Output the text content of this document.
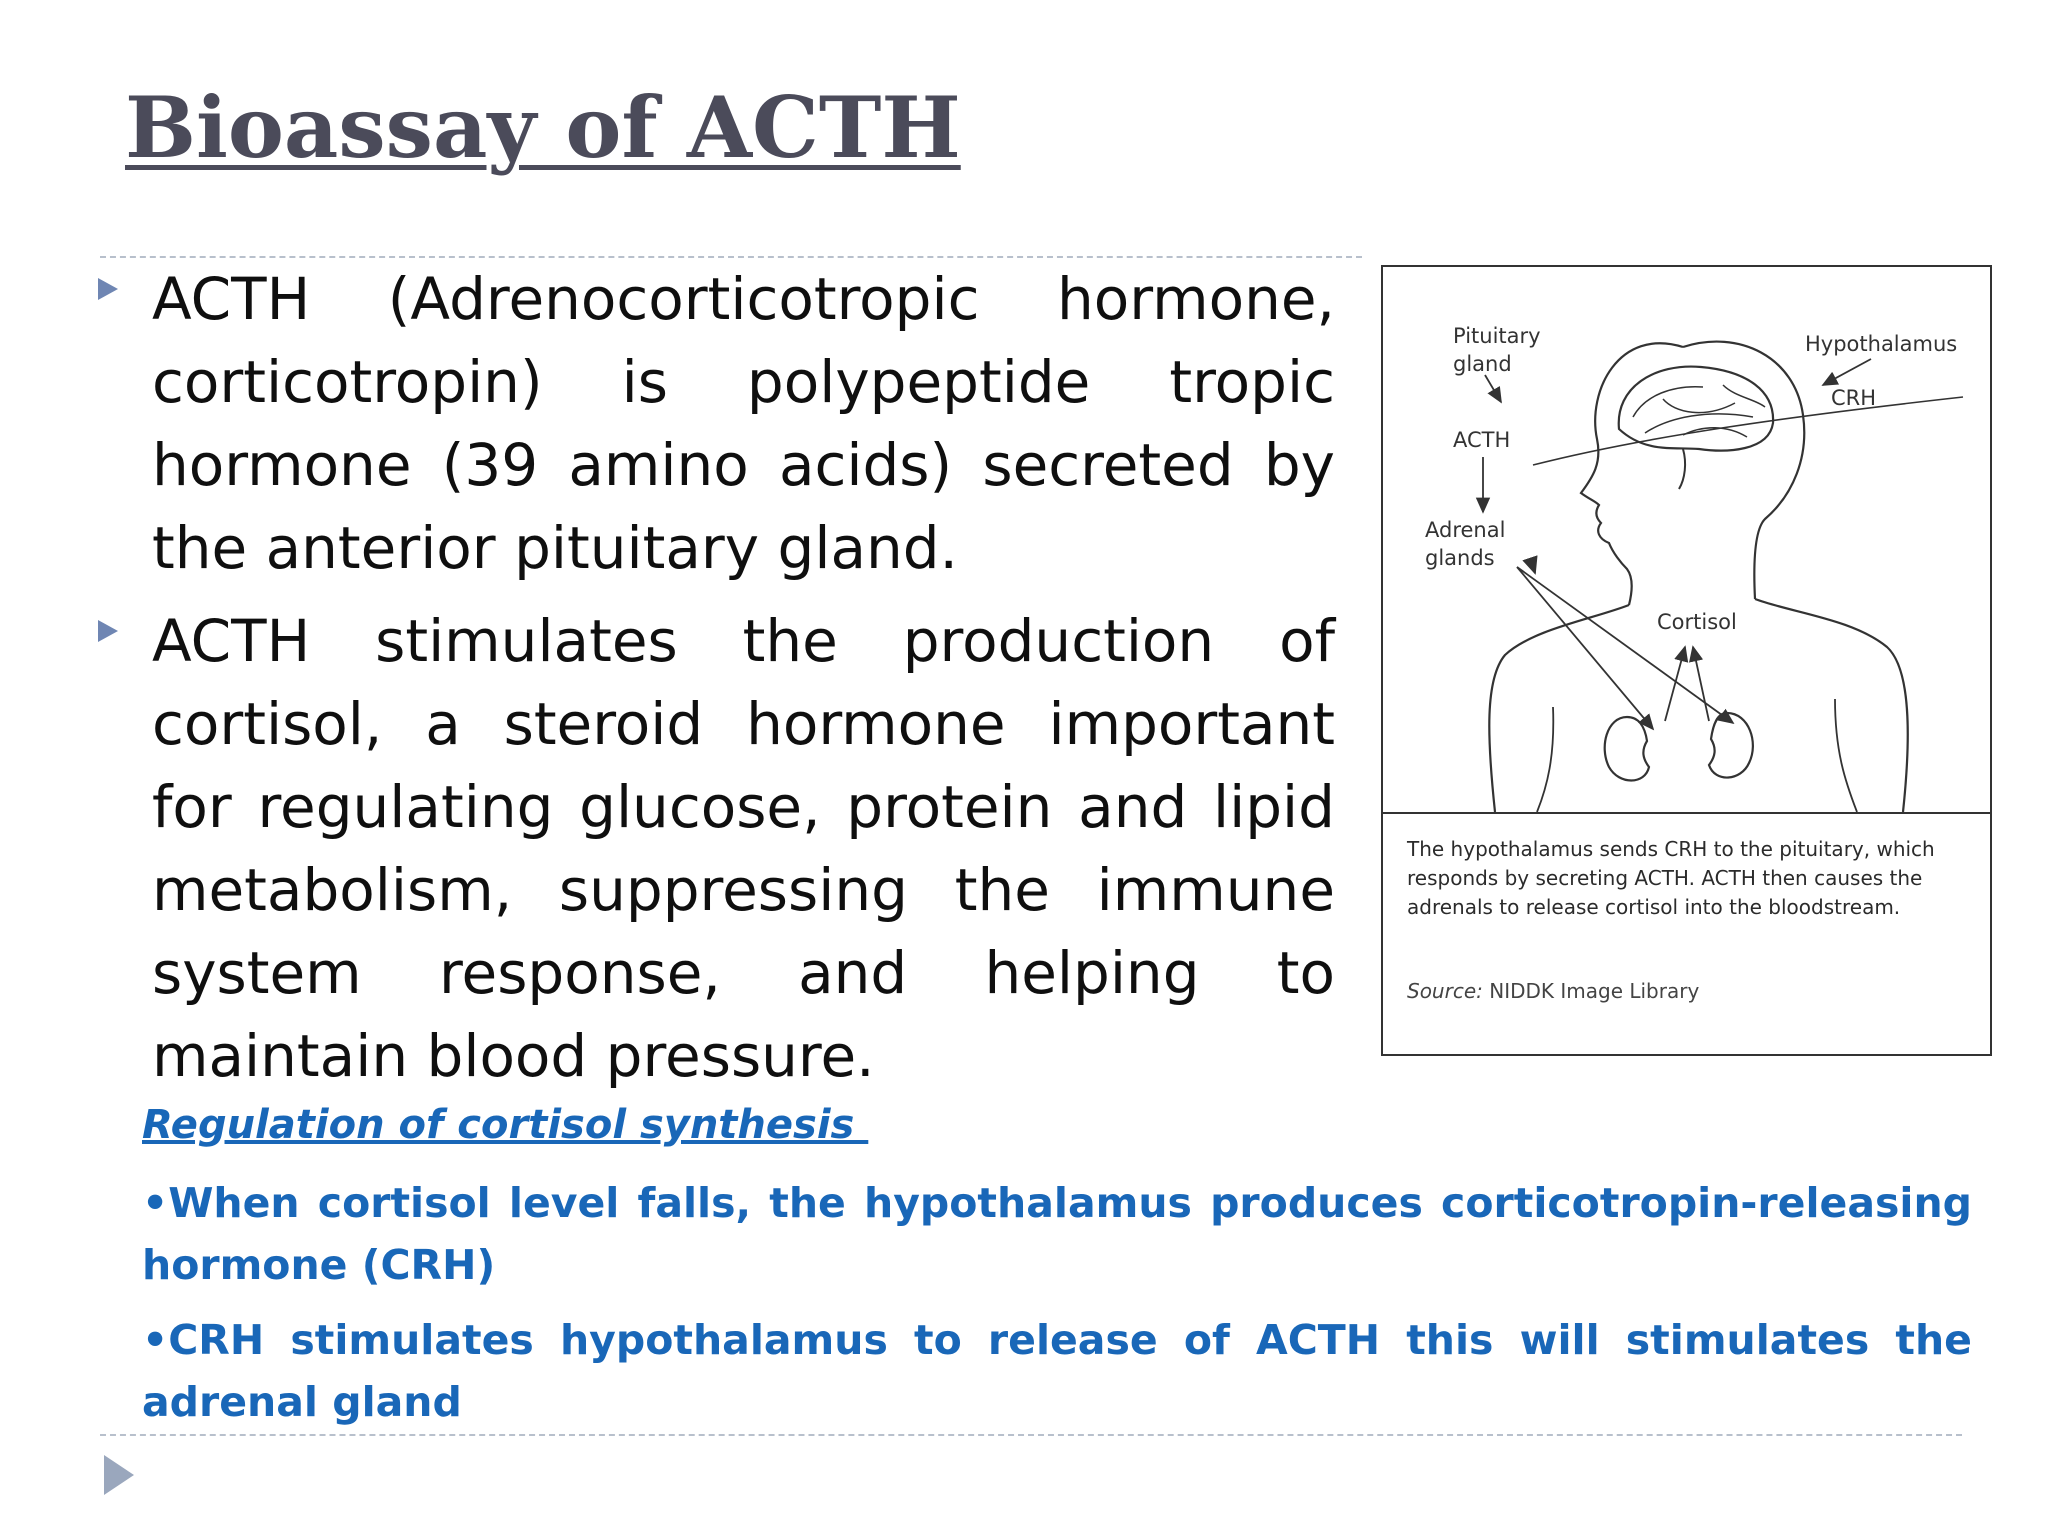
Bioassay of ACTH

ACTH (Adrenocorticotropic hormone, corticotropin) is polypeptide tropic hormone (39 amino acids) secreted by the anterior pituitary gland.

ACTH stimulates the production of cortisol, a steroid hormone important for regulating glucose, protein and lipid metabolism, suppressing the immune system response, and helping to maintain blood pressure.

Pituitary
gland
Hypothalamus
CRH
ACTH
Adrenal
glands
Cortisol

The hypothalamus sends CRH to the pituitary, which responds by secreting ACTH. ACTH then causes the adrenals to release cortisol into the bloodstream.

Source: NIDDK Image Library
Regulation of cortisol synthesis

•When cortisol level falls, the hypothalamus produces corticotropin-releasing hormone (CRH)

•CRH stimulates hypothalamus to release of ACTH this will stimulates the adrenal gland
